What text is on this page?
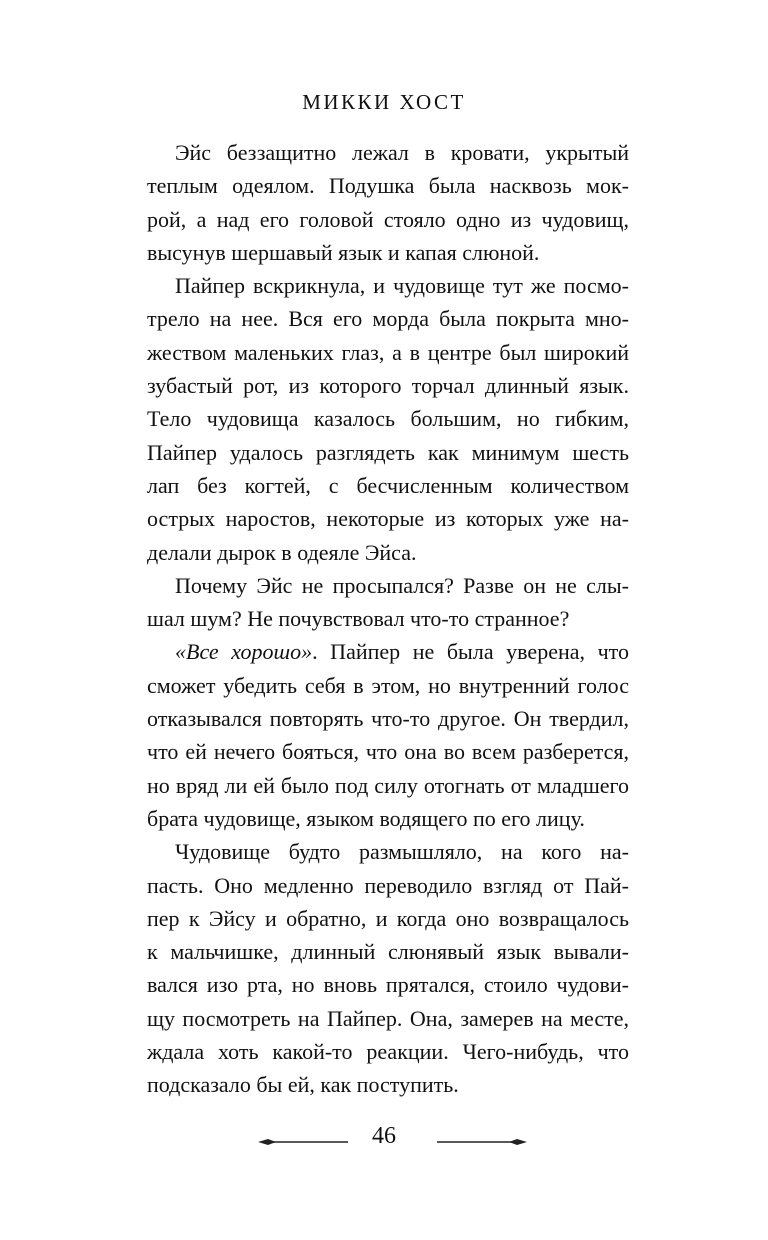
МИККИ ХОСТ
Эйс беззащитно лежал в кровати, укрытый
теплым одеялом. Подушка была насквозь мок-
рой, а над его головой стояло одно из чудовищ,
высунув шершавый язык и капая слюной.
Пайпер вскрикнула, и чудовище тут же посмо-
трело на нее. Вся его морда была покрыта мно-
жеством маленьких глаз, а в центре был широкий
зубастый рот, из которого торчал длинный язык.
Тело чудовища казалось большим, но гибким,
Пайпер удалось разглядеть как минимум шесть
лап без когтей, с бесчисленным количеством
острых наростов, некоторые из которых уже на-
делали дырок в одеяле Эйса.
Почему Эйс не просыпался? Разве он не слы-
шал шум? Не почувствовал что-то странное?
«Все хорошо». Пайпер не была уверена, что
сможет убедить себя в этом, но внутренний голос
отказывался повторять что-то другое. Он твердил,
что ей нечего бояться, что она во всем разберется,
но вряд ли ей было под силу отогнать от младшего
брата чудовище, языком водящего по его лицу.
Чудовище будто размышляло, на кого на-
пасть. Оно медленно переводило взгляд от Пай-
пер к Эйсу и обратно, и когда оно возвращалось
к мальчишке, длинный слюнявый язык вывали-
вался изо рта, но вновь прятался, стоило чудови-
щу посмотреть на Пайпер. Она, замерев на месте,
ждала хоть какой-то реакции. Чего-нибудь, что
подсказало бы ей, как поступить.
46
